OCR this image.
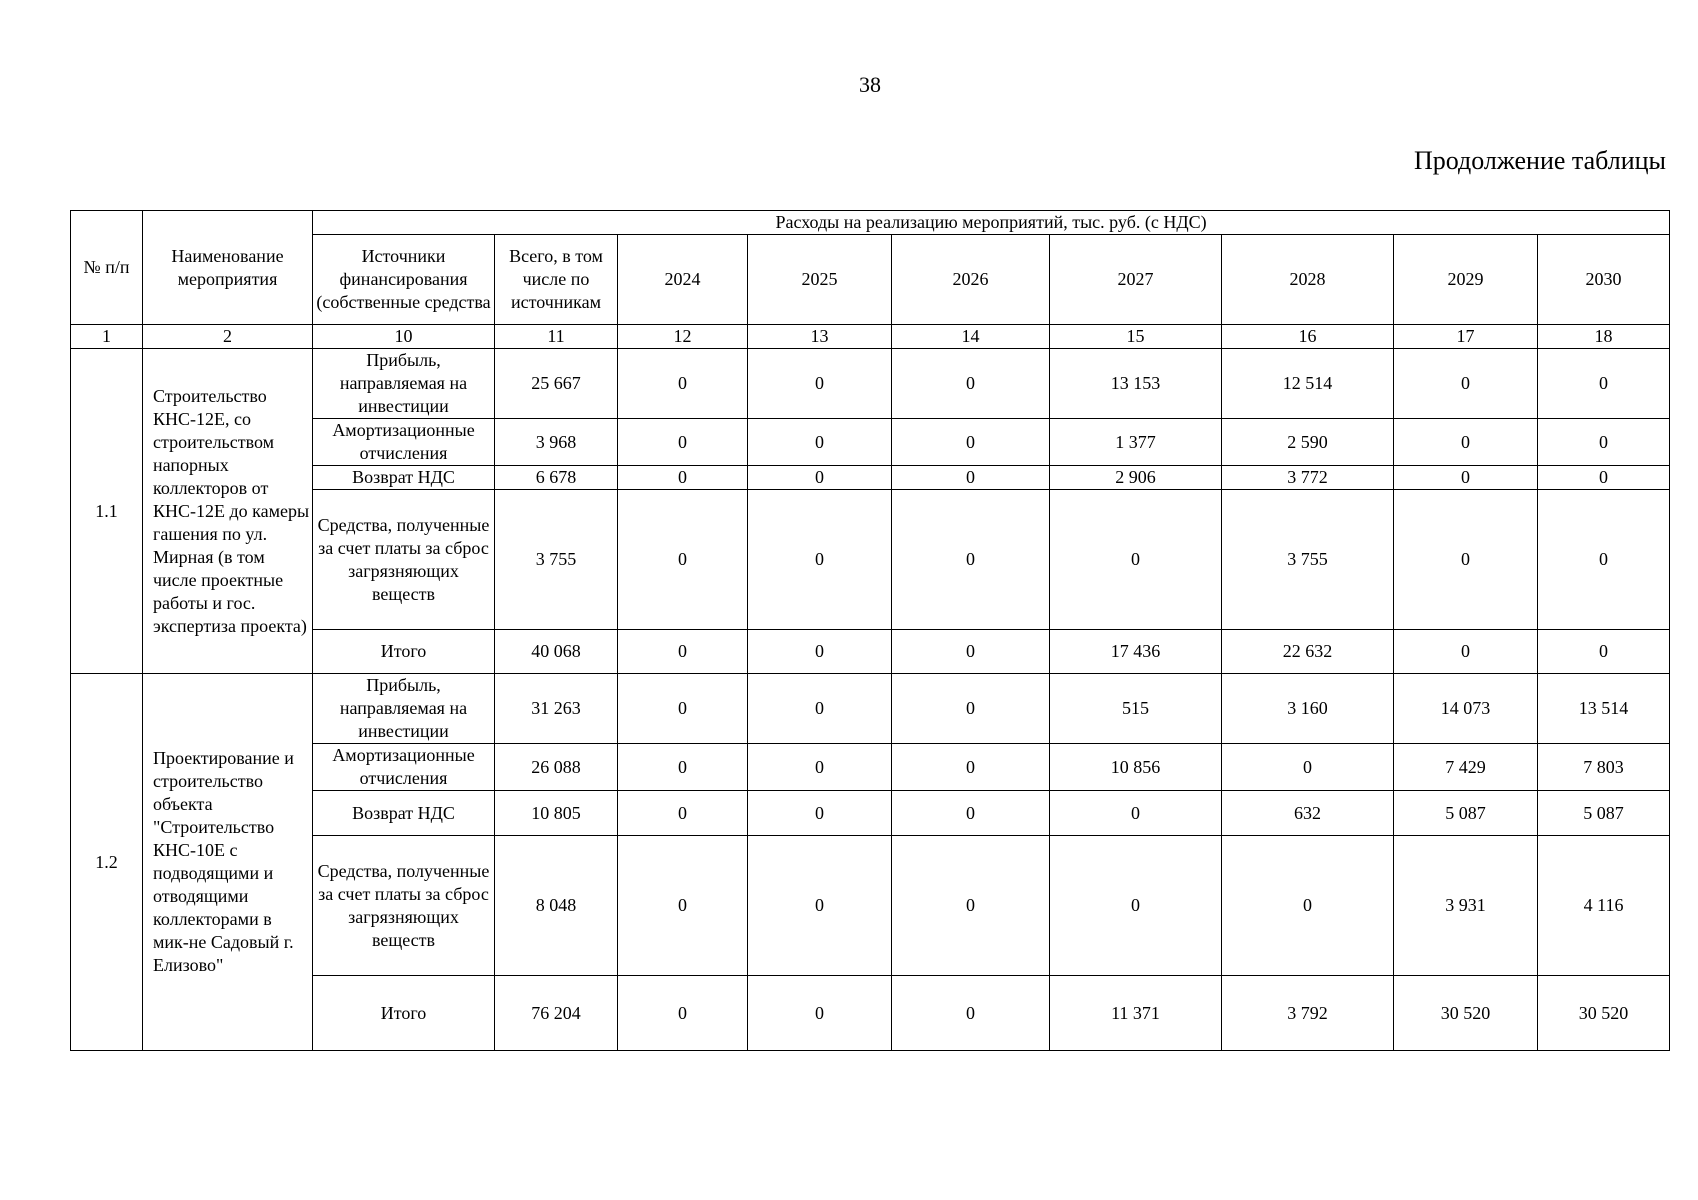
38
Продолжение таблицы
№ п/п	Наименование мероприятия	Расходы на реализацию мероприятий, тыс. руб. (с НДС)								
		Источники финансирования (собственные средства	Всего, в том числе по источникам	2024	2025	2026	2027	2028	2029	2030
1	2	10	11	12	13	14	15	16	17	18
1.1	Строительство КНС-12Е, со строительством напорных коллекторов от КНС-12Е до камеры гашения по ул. Мирная (в том числе проектные работы и гос. экспертиза проекта)	Прибыль, направляемая на инвестиции	25 667	0	0	0	13 153	12 514	0	0
		Амортизационные отчисления	3 968	0	0	0	1 377	2 590	0	0
		Возврат НДС	6 678	0	0	0	2 906	3 772	0	0
		Средства, полученные за счет платы за сброс загрязняющих веществ	3 755	0	0	0	0	3 755	0	0
		Итого	40 068	0	0	0	17 436	22 632	0	0
1.2	Проектирование и строительство объекта "Строительство КНС-10Е с подводящими и отводящими коллекторами в мик-не Садовый г. Елизово"	Прибыль, направляемая на инвестиции	31 263	0	0	0	515	3 160	14 073	13 514
		Амортизационные отчисления	26 088	0	0	0	10 856	0	7 429	7 803
		Возврат НДС	10 805	0	0	0	0	632	5 087	5 087
		Средства, полученные за счет платы за сброс загрязняющих веществ	8 048	0	0	0	0	0	3 931	4 116
		Итого	76 204	0	0	0	11 371	3 792	30 520	30 520
